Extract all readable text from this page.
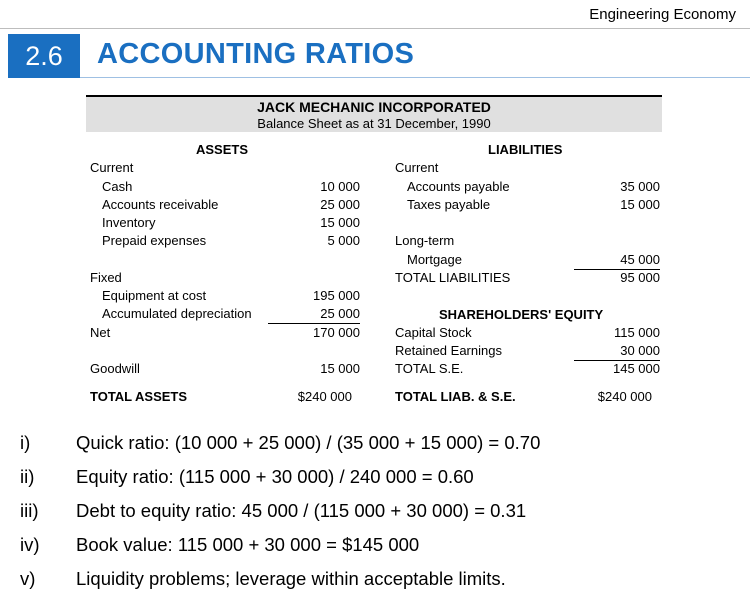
Engineering Economy
2.6	ACCOUNTING RATIOS
JACK MECHANIC INCORPORATED
Balance Sheet as at 31 December, 1990
ASSETS	LIABILITIES
Current
Cash	10 000
Accounts receivable	25 000
Inventory	15 000
Prepaid expenses	5 000
Fixed
Equipment at cost	195 000
Accumulated depreciation	25 000
Net	170 000
Goodwill	15 000
TOTAL ASSETS	$240 000
Current
Accounts payable	35 000
Taxes payable	15 000
Long-term
Mortgage	45 000
TOTAL LIABILITIES	95 000
SHAREHOLDERS' EQUITY
Capital Stock	115 000
Retained Earnings	30 000
TOTAL S.E.	145 000
TOTAL LIAB. & S.E.	$240 000
i) Quick ratio: (10 000 + 25 000) / (35 000 + 15 000) = 0.70
ii) Equity ratio: (115 000 + 30 000) / 240 000 = 0.60
iii) Debt to equity ratio: 45 000 / (115 000 + 30 000) = 0.31
iv) Book value: 115 000 + 30 000 = $145 000
v) Liquidity problems; leverage within acceptable limits.
